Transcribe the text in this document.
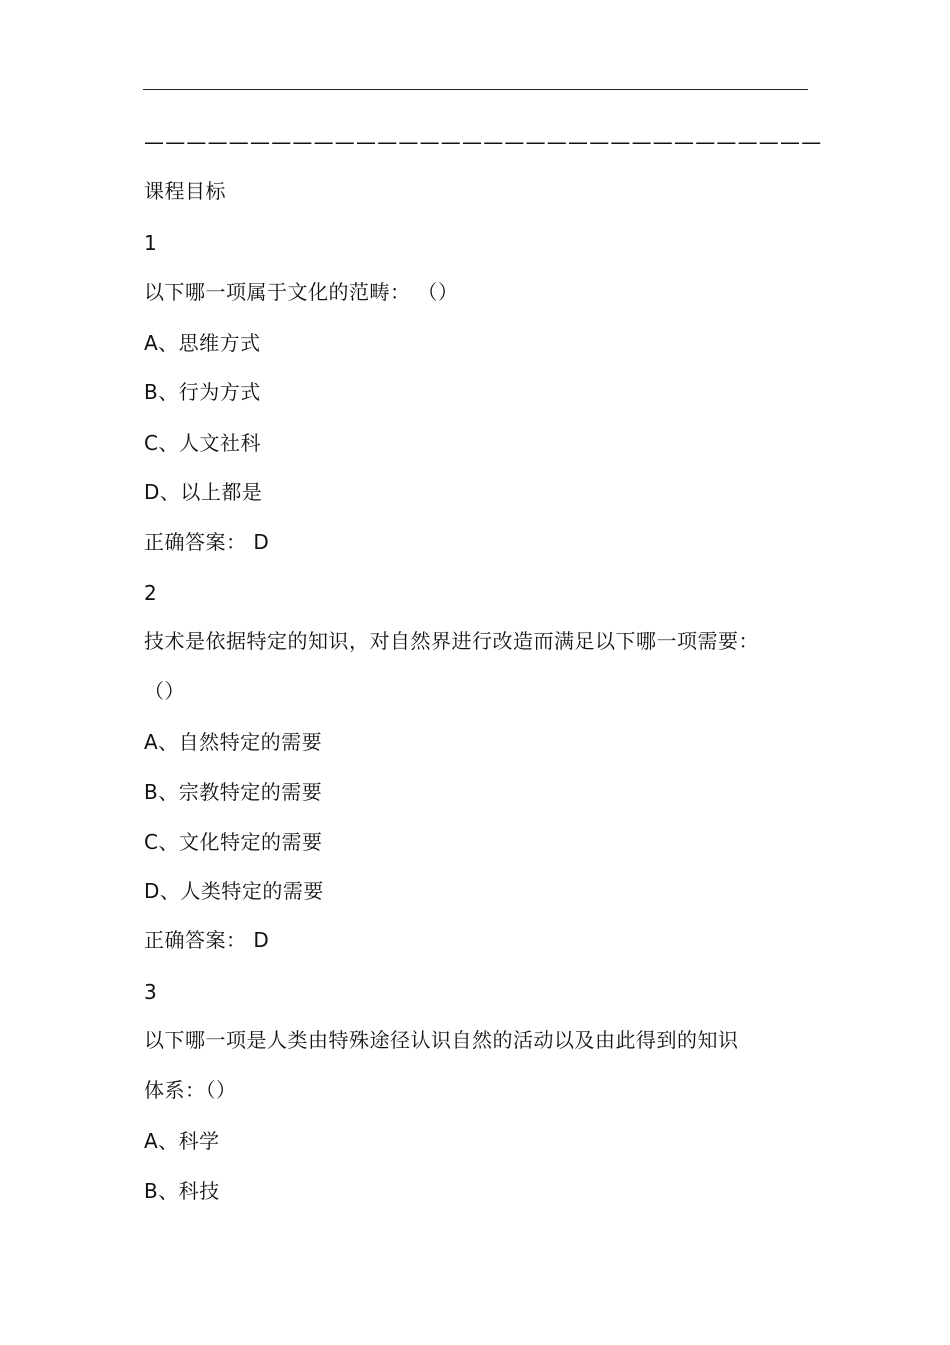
————————————————————————————————
课程目标
1
以下哪一项属于文化的范畴： （）
A、思维方式
B、行为方式
C、人文社科
D、以上都是
正确答案： D
2
技术是依据特定的知识，对自然界进行改造而满足以下哪一项需要：
（）
A、自然特定的需要
B、宗教特定的需要
C、文化特定的需要
D、人类特定的需要
正确答案： D
3
以下哪一项是人类由特殊途径认识自然的活动以及由此得到的知识
体系：（）
A、科学
B、科技
